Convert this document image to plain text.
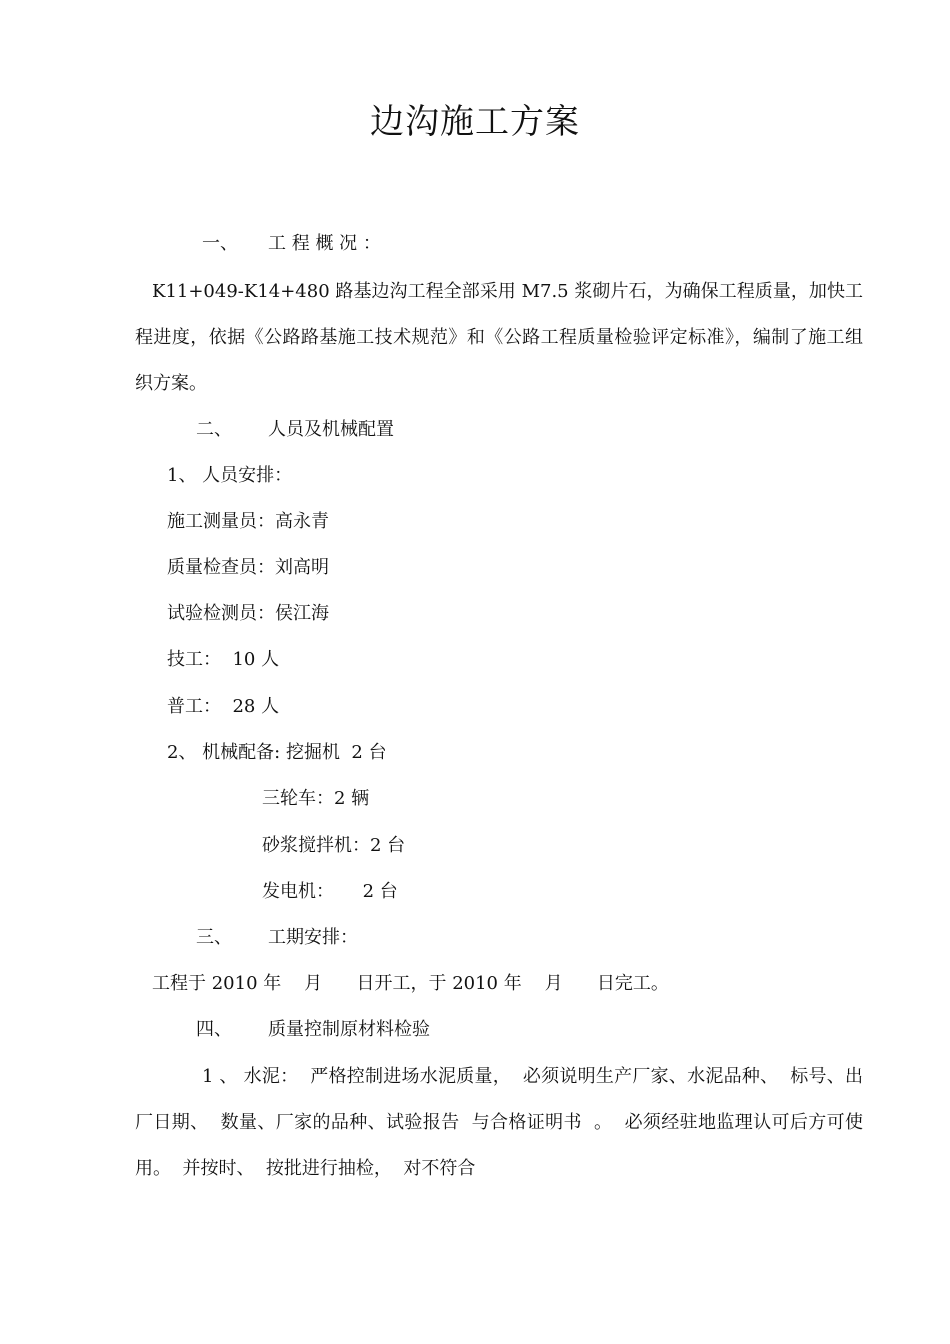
边沟施工方案
一、 工 程 概 况 ：
K11+049-K14+480 路基边沟工程全部采用 M7.5 浆砌片石，为确保工程质量，加快工程进度，依据《公路路基施工技术规范》和《公路工程质量检验评定标准》，编制了施工组织方案。
二、 人员及机械配置
1、 人员安排：
施工测量员：高永青
质量检查员：刘高明
试验检测员：侯江海
技工：  10 人
普工：  28 人
2、 机械配备: 挖掘机  2 台
三轮车：2 辆
砂浆搅拌机：2 台
发电机：     2 台
三、 工期安排：
工程于 2010 年    月      日开工，于 2010 年    月      日完工。
四、 质量控制原材料检验
1 、 水泥：  严格控制进场水泥质量，  必须说明生产厂家、水泥品种、  标号、出厂日期、  数量、厂家的品种、试验报告  与合格证明书  。  必须经驻地监理认可后方可使用。  并按时、  按批进行抽检，  对不符合
